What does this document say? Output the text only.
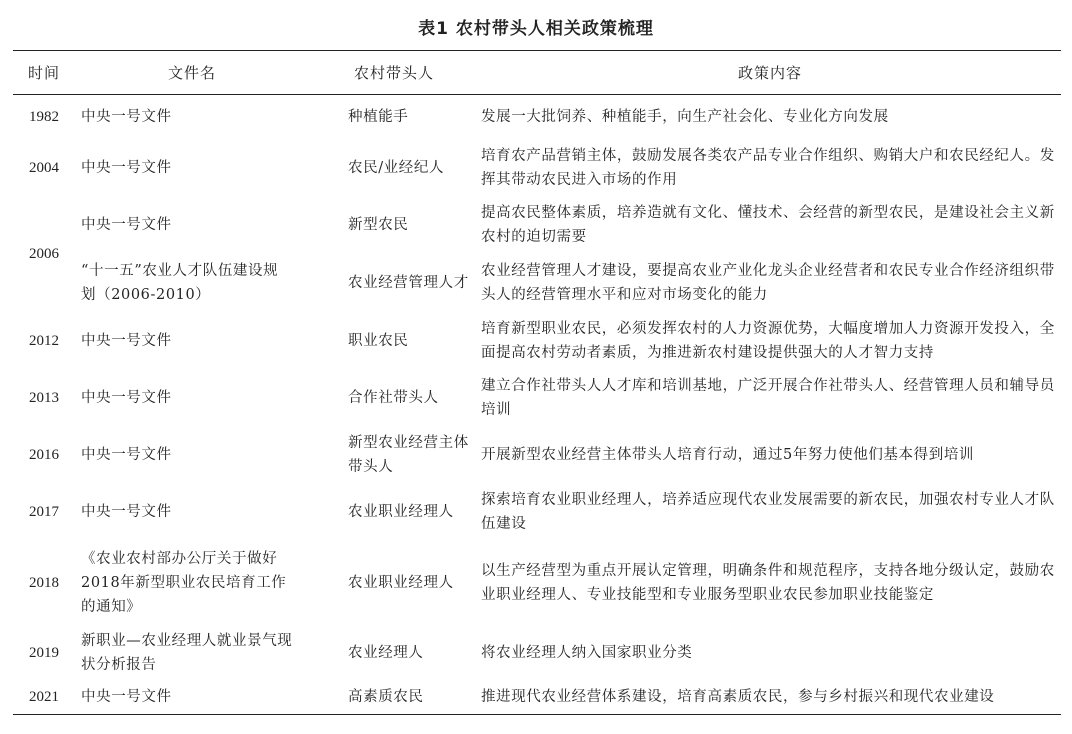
表1 农村带头人相关政策梳理
时间	文件名	农村带头人	政策内容
1982	中央一号文件	种植能手	发展一大批饲养、种植能手，向生产社会化、专业化方向发展
2004	中央一号文件	农民/业经纪人	培育农产品营销主体，鼓励发展各类农产品专业合作组织、购销大户和农民经纪人。发挥其带动农民进入市场的作用
2006	中央一号文件	新型农民	提高农民整体素质，培养造就有文化、懂技术、会经营的新型农民，是建设社会主义新农村的迫切需要
	“十一五”农业人才队伍建设规划（2006-2010）	农业经营管理人才	农业经营管理人才建设，要提高农业产业化龙头企业经营者和农民专业合作经济组织带头人的经营管理水平和应对市场变化的能力
2012	中央一号文件	职业农民	培育新型职业农民，必须发挥农村的人力资源优势，大幅度增加人力资源开发投入，全面提高农村劳动者素质，为推进新农村建设提供强大的人才智力支持
2013	中央一号文件	合作社带头人	建立合作社带头人人才库和培训基地，广泛开展合作社带头人、经营管理人员和辅导员培训
2016	中央一号文件	新型农业经营主体带头人	开展新型农业经营主体带头人培育行动，通过5年努力使他们基本得到培训
2017	中央一号文件	农业职业经理人	探索培育农业职业经理人，培养适应现代农业发展需要的新农民，加强农村专业人才队伍建设
2018	《农业农村部办公厅关于做好2018年新型职业农民培育工作的通知》	农业职业经理人	以生产经营型为重点开展认定管理，明确条件和规范程序，支持各地分级认定，鼓励农业职业经理人、专业技能型和专业服务型职业农民参加职业技能鉴定
2019	新职业—农业经理人就业景气现状分析报告	农业经理人	将农业经理人纳入国家职业分类
2021	中央一号文件	高素质农民	推进现代农业经营体系建设，培育高素质农民，参与乡村振兴和现代农业建设
